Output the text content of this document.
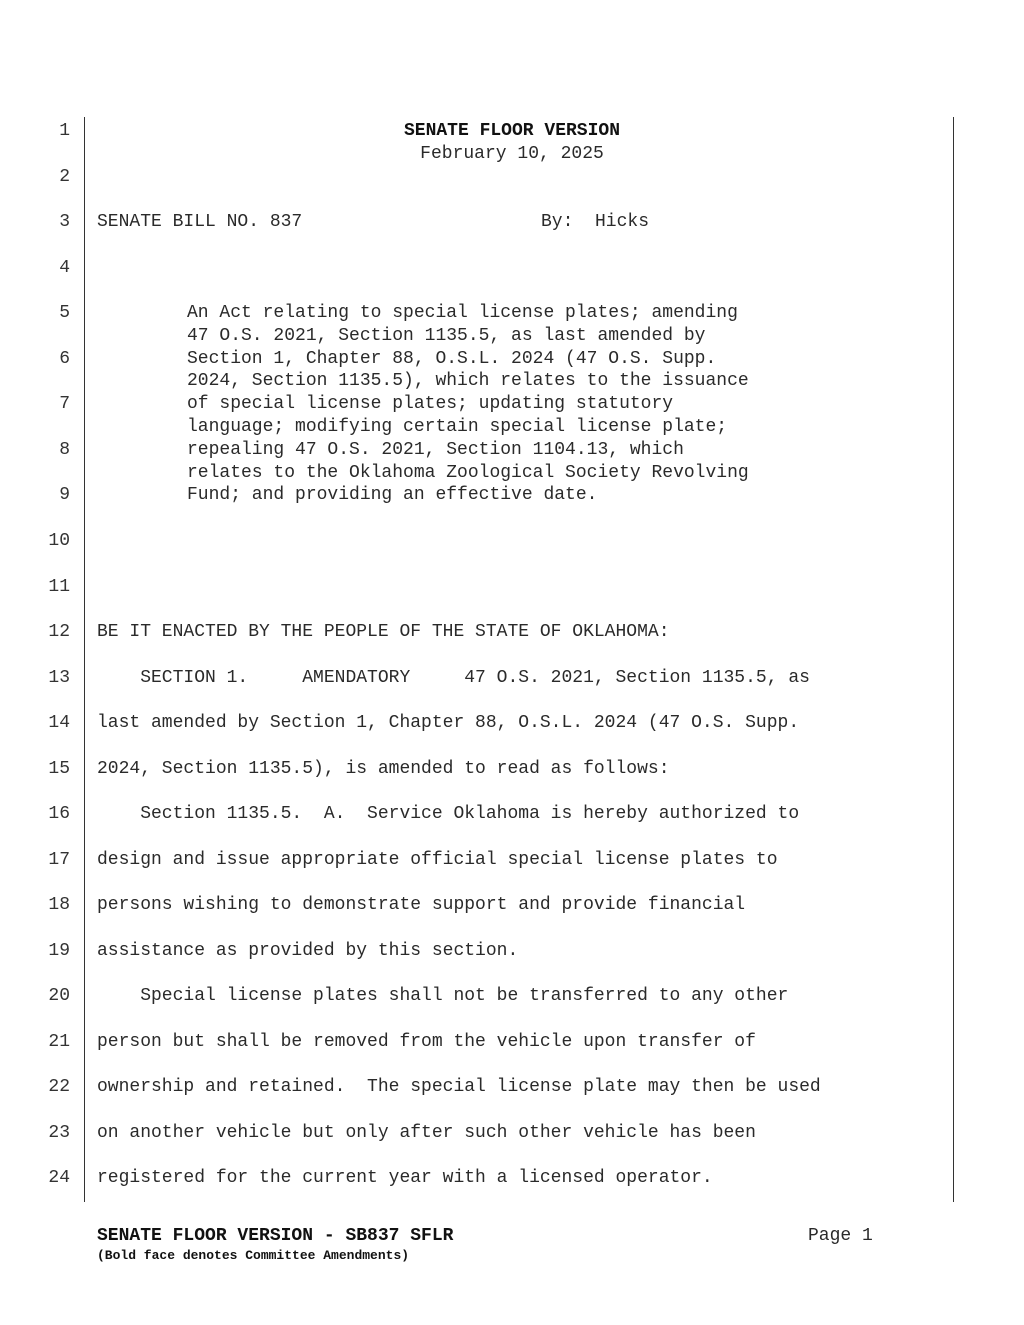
1
2
3
4
5
6
7
8
9
10
11
12
13
14
15
16
17
18
19
20
21
22
23
24
SENATE FLOOR VERSION
February 10, 2025
SENATE BILL NO. 837	By:  Hicks
An Act relating to special license plates; amending
47 O.S. 2021, Section 1135.5, as last amended by
Section 1, Chapter 88, O.S.L. 2024 (47 O.S. Supp.
2024, Section 1135.5), which relates to the issuance
of special license plates; updating statutory
language; modifying certain special license plate;
repealing 47 O.S. 2021, Section 1104.13, which
relates to the Oklahoma Zoological Society Revolving
Fund; and providing an effective date.
BE IT ENACTED BY THE PEOPLE OF THE STATE OF OKLAHOMA:
SECTION 1.     AMENDATORY     47 O.S. 2021, Section 1135.5, as
last amended by Section 1, Chapter 88, O.S.L. 2024 (47 O.S. Supp.
2024, Section 1135.5), is amended to read as follows:
Section 1135.5.  A.  Service Oklahoma is hereby authorized to
design and issue appropriate official special license plates to
persons wishing to demonstrate support and provide financial
assistance as provided by this section.
Special license plates shall not be transferred to any other
person but shall be removed from the vehicle upon transfer of
ownership and retained.  The special license plate may then be used
on another vehicle but only after such other vehicle has been
registered for the current year with a licensed operator.
SENATE FLOOR VERSION - SB837 SFLR
(Bold face denotes Committee Amendments)
Page 1
